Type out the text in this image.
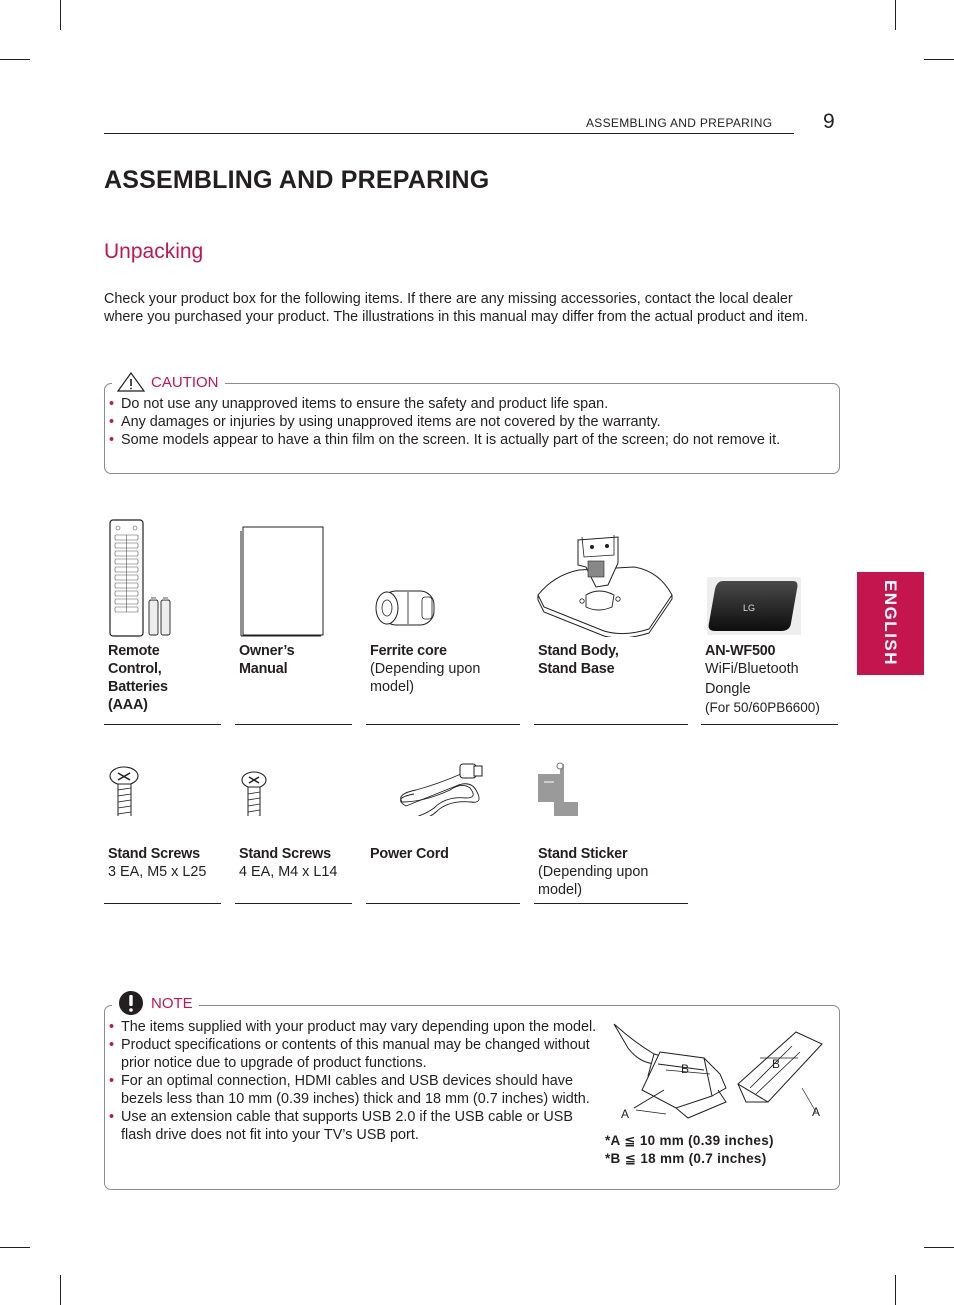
ASSEMBLING AND PREPARING 9
ENGLISH
ASSEMBLING AND PREPARING
Unpacking
Check your product box for the following items. If there are any missing accessories, contact the local dealer where you purchased your product. The illustrations in this manual may differ from the actual product and item.
CAUTION
• Do not use any unapproved items to ensure the safety and product life span.
• Any damages or injuries by using unapproved items are not covered by the warranty.
• Some models appear to have a thin film on the screen. It is actually part of the screen; do not remove it.
Remote Control, Batteries (AAA)
Owner’s Manual
Ferrite core
(Depending upon model)
Stand Body, Stand Base
LG
AN-WF500
WiFi/Bluetooth Dongle
(For 50/60PB6600)
Stand Screws
3 EA, M5 x L25
Stand Screws
4 EA, M4 x L14
Power Cord	Stand Sticker
(Depending upon model)
NOTE
• The items supplied with your product may vary depending upon the model.
• Product specifications or contents of this manual may be changed without prior notice due to upgrade of product functions.
• For an optimal connection, HDMI cables and USB devices should have bezels less than 10 mm (0.39 inches) thick and 18 mm (0.7 inches) width.
• Use an extension cable that supports USB 2.0 if the USB cable or USB flash drive does not fit into your TV’s USB port.
B
A
B
A
*A ≦ 10 mm (0.39 inches)
*B ≦ 18 mm (0.7 inches)
